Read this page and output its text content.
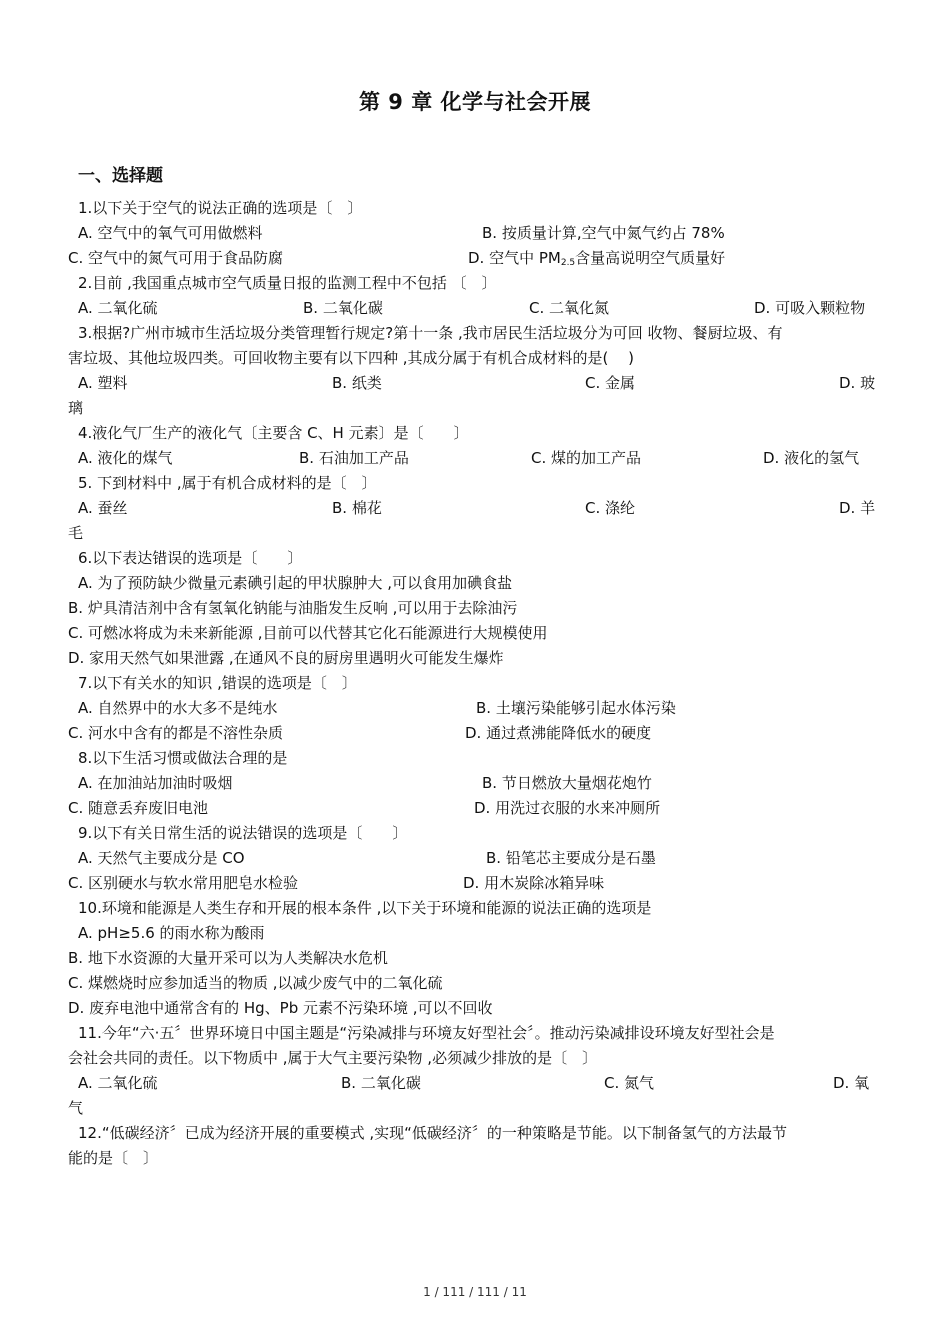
第 9 章 化学与社会开展
一、选择题
1.以下关于空气的说法正确的选项是〔　〕
A. 空气中的氧气可用做燃料	B. 按质量计算,空气中氮气约占 78%
C. 空气中的氮气可用于食品防腐	D. 空气中 $PM_{2.5}$含量高说明空气质量好
2.目前 ,我国重点城市空气质量日报的监测工程中不包括 〔　〕
A. 二氧化硫	B. 二氧化碳	C. 二氧化氮	D. 可吸入颗粒物
3.根据?广州市城市生活垃圾分类管理暂行规定?第十一条 ,我市居民生活垃圾分为可回 收物、餐厨垃圾、有
害垃圾、其他垃圾四类。可回收物主要有以下四种 ,其成分属于有机合成材料的是(　 )
A. 塑料	B. 纸类	C. 金属	D. 玻
璃
4.液化气厂生产的液化气〔主要含 C、H 元素〕是〔　　〕
A. 液化的煤气	B. 石油加工产品	C. 煤的加工产品	D. 液化的氢气
5. 下到材料中 ,属于有机合成材料的是〔　〕
A. 蚕丝	B. 棉花	C. 涤纶	D. 羊
毛
6.以下表达错误的选项是〔　　〕
A. 为了预防缺少微量元素碘引起的甲状腺肿大 ,可以食用加碘食盐
B. 炉具清洁剂中含有氢氧化钠能与油脂发生反响 ,可以用于去除油污
C. 可燃冰将成为未来新能源 ,目前可以代替其它化石能源进行大规模使用
D. 家用天然气如果泄露 ,在通风不良的厨房里遇明火可能发生爆炸
7.以下有关水的知识 ,错误的选项是〔　〕
A. 自然界中的水大多不是纯水	B. 土壤污染能够引起水体污染
C. 河水中含有的都是不溶性杂质	D. 通过煮沸能降低水的硬度
8.以下生活习惯或做法合理的是
A. 在加油站加油时吸烟	B. 节日燃放大量烟花炮竹
C. 随意丢弃废旧电池	D. 用洗过衣服的水来冲厕所
9.以下有关日常生活的说法错误的选项是〔　　〕
A. 天然气主要成分是 CO	B. 铅笔芯主要成分是石墨
C. 区别硬水与软水常用肥皂水检验	D. 用木炭除冰箱异味
10.环境和能源是人类生存和开展的根本条件 ,以下关于环境和能源的说法正确的选项是
A. pH≥5.6 的雨水称为酸雨
B. 地下水资源的大量开采可以为人类解决水危机
C. 煤燃烧时应参加适当的物质 ,以减少废气中的二氧化硫
D. 废弃电池中通常含有的 Hg、Pb 元素不污染环境 ,可以不回收
11.今年“六·五〞世界环境日中国主题是“污染减排与环境友好型社会〞。推动污染减排设环境友好型社会是
会社会共同的责任。以下物质中 ,属于大气主要污染物 ,必须减少排放的是〔　〕
A. 二氧化硫	B. 二氧化碳	C. 氮气	D. 氧
气
12.“低碳经济〞已成为经济开展的重要模式 ,实现“低碳经济〞的一种策略是节能。以下制备氢气的方法最节
能的是〔　〕
1 / 111 / 111 / 11
